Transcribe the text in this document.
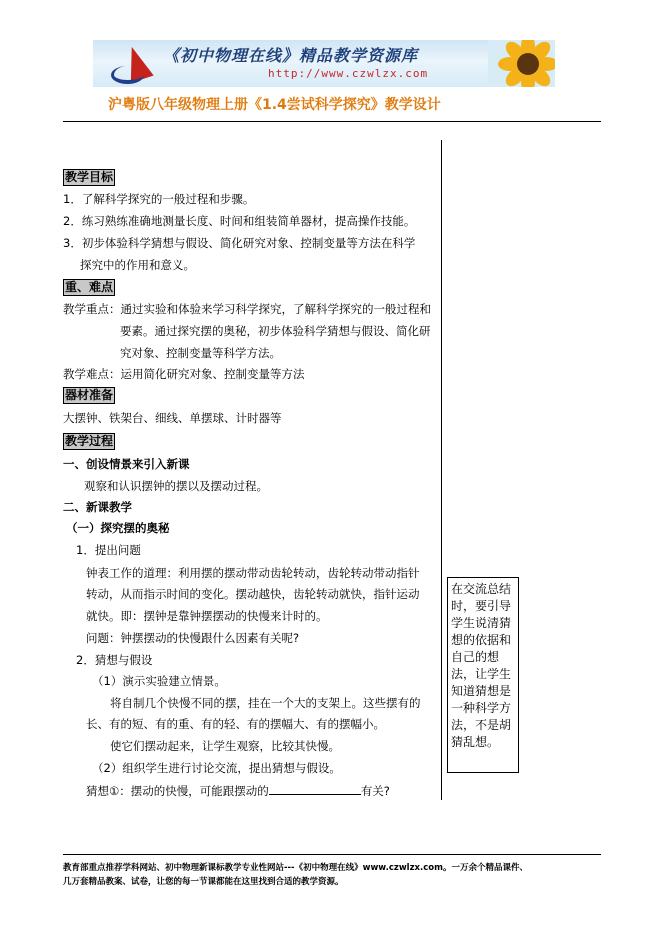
《初中物理在线》精品教学资源库
http://www.czwlzx.com
沪粤版八年级物理上册《1.4尝试科学探究》教学设计
教学目标
1．了解科学探究的一般过程和步骤。
2．练习熟练准确地测量长度、时间和组装简单器材，提高操作技能。
3．初步体验科学猜想与假设、简化研究对象、控制变量等方法在科学
探究中的作用和意义。
重、难点
教学重点：通过实验和体验来学习科学探究，了解科学探究的一般过程和
要素。通过探究摆的奥秘，初步体验科学猜想与假设、简化研
究对象、控制变量等科学方法。
教学难点：运用简化研究对象、控制变量等方法
器材准备
大摆钟、铁架台、细线、单摆球、计时器等
教学过程
一、创设情景来引入新课
观察和认识摆钟的摆以及摆动过程。
二、新课教学
（一）探究摆的奥秘
1．提出问题
钟表工作的道理：利用摆的摆动带动齿轮转动，齿轮转动带动指针
转动，从而指示时间的变化。摆动越快，齿轮转动就快，指针运动
就快。即：摆钟是靠钟摆摆动的快慢来计时的。
问题：钟摆摆动的快慢跟什么因素有关呢?
2．猜想与假设
（1）演示实验建立情景。
将自制几个快慢不同的摆，挂在一个大的支架上。这些摆有的
长、有的短、有的重、有的轻、有的摆幅大、有的摆幅小。
使它们摆动起来，让学生观察，比较其快慢。
（2）组织学生进行讨论交流，提出猜想与假设。
猜想①：摆动的快慢，可能跟摆动的	有关?
在交流总结时，要引导学生说清猜想的依据和自己的想法，让学生知道猜想是一种科学方法，不是胡猜乱想。
教育部重点推荐学科网站、初中物理新课标教学专业性网站---《初中物理在线》www.czwlzx.com。一万余个精品课件、
几万套精品教案、试卷，让您的每一节课都能在这里找到合适的教学资源。
